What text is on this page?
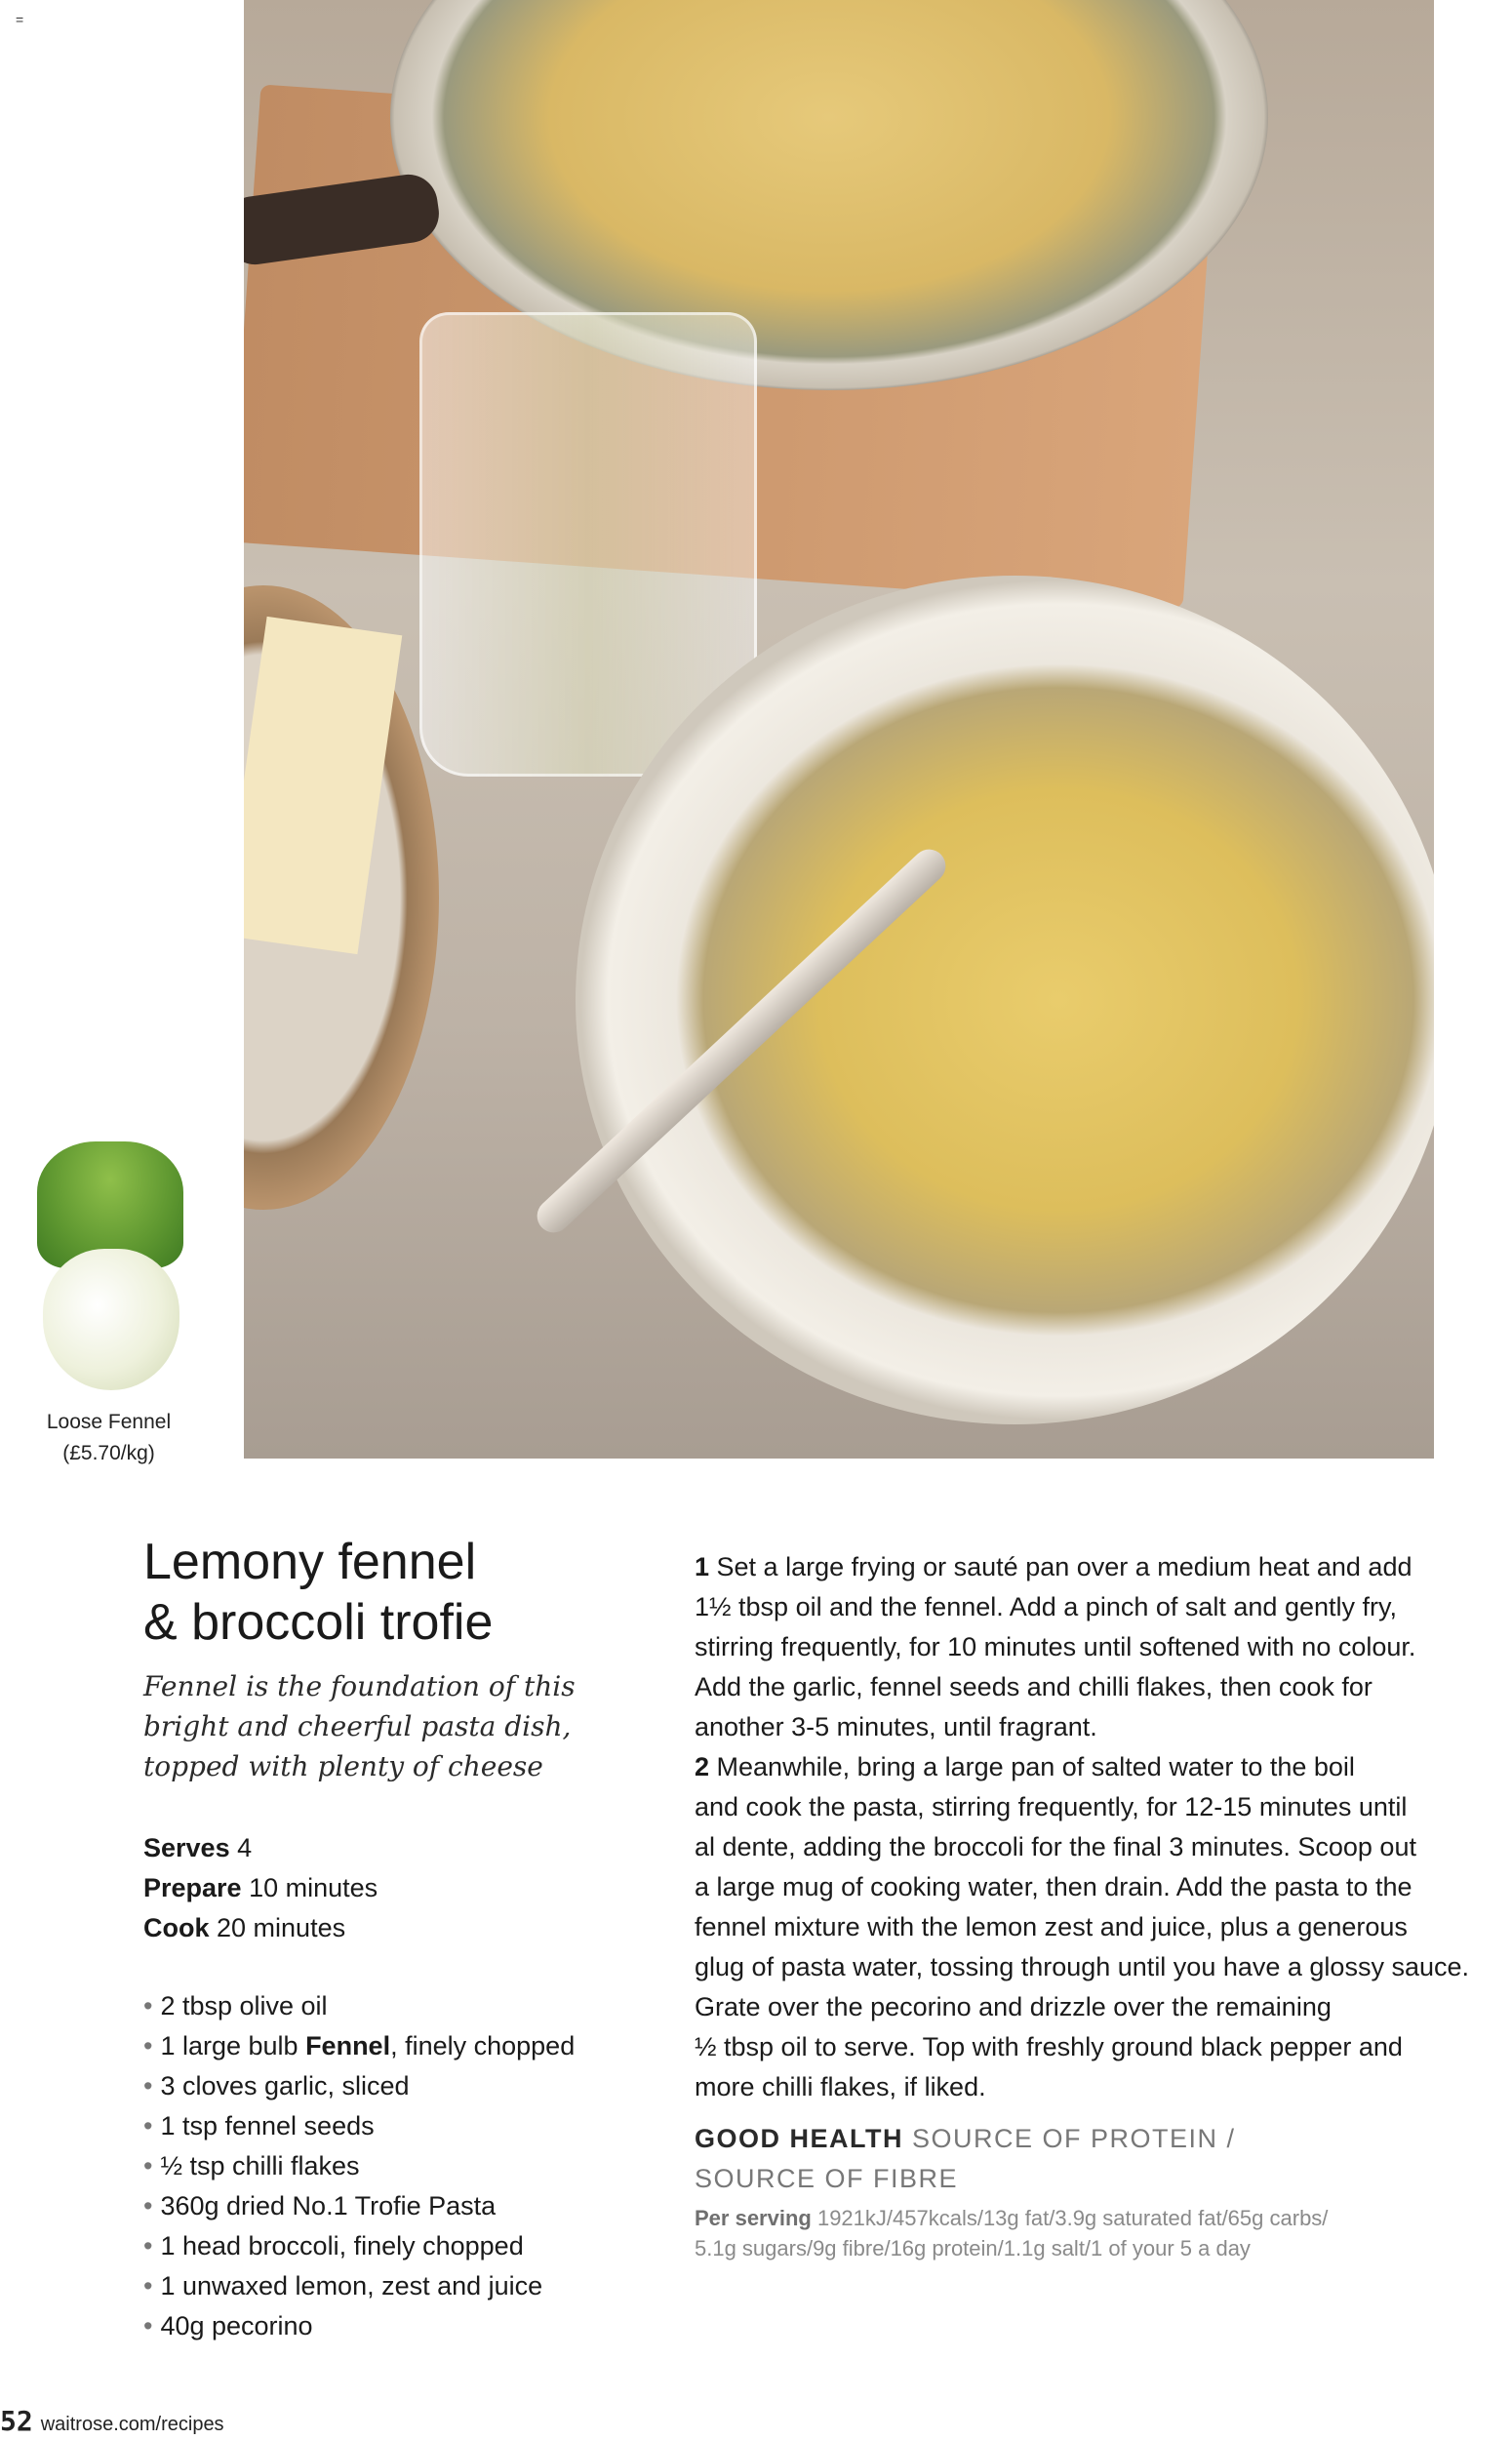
=
Loose Fennel
(£5.70/kg)
Lemony fennel
& broccoli trofie
Fennel is the foundation of this
bright and cheerful pasta dish,
topped with plenty of cheese
Serves 4
Prepare 10 minutes
Cook 20 minutes
• 2 tbsp olive oil
• 1 large bulb Fennel, finely chopped
• 3 cloves garlic, sliced
• 1 tsp fennel seeds
• ½ tsp chilli flakes
• 360g dried No.1 Trofie Pasta
• 1 head broccoli, finely chopped
• 1 unwaxed lemon, zest and juice
• 40g pecorino
1 Set a large frying or sauté pan over a medium heat and add
1½ tbsp oil and the fennel. Add a pinch of salt and gently fry,
stirring frequently, for 10 minutes until softened with no colour.
Add the garlic, fennel seeds and chilli flakes, then cook for
another 3-5 minutes, until fragrant.
2 Meanwhile, bring a large pan of salted water to the boil
and cook the pasta, stirring frequently, for 12-15 minutes until
al dente, adding the broccoli for the final 3 minutes. Scoop out
a large mug of cooking water, then drain. Add the pasta to the
fennel mixture with the lemon zest and juice, plus a generous
glug of pasta water, tossing through until you have a glossy sauce.
Grate over the pecorino and drizzle over the remaining
½ tbsp oil to serve. Top with freshly ground black pepper and
more chilli flakes, if liked.
GOOD HEALTH SOURCE OF PROTEIN /
SOURCE OF FIBRE
Per serving 1921kJ/457kcals/13g fat/3.9g saturated fat/65g carbs/
5.1g sugars/9g fibre/16g protein/1.1g salt/1 of your 5 a day
52 waitrose.com/recipes
